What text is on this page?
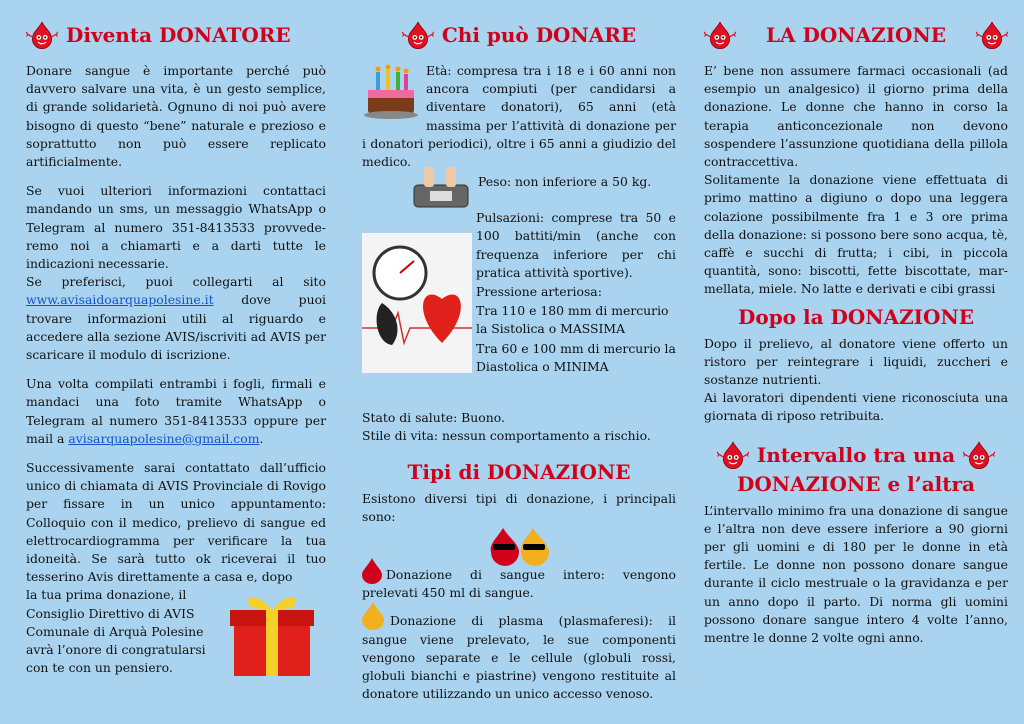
Diventa DONATORE

Donare sangue è importante perché può davvero salvare una vita, è un gesto semplice, di grande solidarietà. Ognuno di noi può avere bisogno di questo “bene” naturale e prezioso e soprattutto non può essere replicato artificialmente.

Se vuoi ulteriori informazioni contattaci mandando un sms, un messaggio WhatsApp o Telegram al numero 351-8413533 provvede-remo noi a chiamarti e a darti tutte le indicazioni necessarie.

Se preferisci, puoi collegarti al sito www.avisaidoarquapolesine.it dove puoi trovare informazioni utili al riguardo e accedere alla sezione AVIS/iscriviti ad AVIS per scaricare il modulo di iscrizione.

Una volta compilati entrambi i fogli, firmali e mandaci una foto tramite WhatsApp o Telegram al numero 351-8413533 oppure per mail a avisarquapolesine@gmail.com.

Successivamente sarai contattato dall’ufficio unico di chiamata di AVIS Provinciale di Rovigo per fissare in un unico appuntamento: Colloquio con il medico, prelievo di sangue ed elettrocardiogramma per verificare la tua idoneità. Se sarà tutto ok riceverai il tuo tesserino Avis direttamente a casa e, dopo

la tua prima donazione, il Consiglio Direttivo di AVIS Comunale di Arquà Polesine avrà l’onore di congratularsi con te con un pensiero.

Chi può DONARE

Età: compresa tra i 18 e i 60 anni non ancora compiuti (per candidarsi a diventare donatori), 65 anni (età massima per l’attività di donazione per i donatori periodici), oltre i 65 anni a giudizio del medico.

Peso: non inferiore a 50 kg.

Pulsazioni: comprese tra 50 e 100 battiti/min (anche con frequenza inferiore per chi pratica attività sportive).

Pressione arteriosa:

Tra 110 e 180 mm di mercurio la Sistolica o MASSIMA

Tra 60 e 100 mm di mercurio la Diastolica o MINIMA

Stato di salute: Buono.

Stile di vita: nessun comportamento a rischio.

Tipi di DONAZIONE

Esistono diversi tipi di donazione, i principali sono:

Donazione di sangue intero: vengono prelevati 450 ml di sangue.

Donazione di plasma (plasmaferesi): il sangue viene prelevato, le sue componenti vengono separate e le cellule (globuli rossi, globuli bianchi e piastrine) vengono restituite al donatore utilizzando un unico accesso venoso.

LA DONAZIONE

E’ bene non assumere farmaci occasionali (ad esempio un analgesico) il giorno prima della donazione. Le donne che hanno in corso la terapia anticoncezionale non devono sospendere l’assunzione quotidiana della pillola contraccettiva.

Solitamente la donazione viene effettuata di primo mattino a digiuno o dopo una leggera colazione possibilmente fra 1 e 3 ore prima della donazione: si possono bere sono acqua, tè, caffè e succhi di frutta; i cibi, in piccola quantità, sono: biscotti, fette biscottate, mar-mellata, miele. No latte e derivati e cibi grassi

Dopo la DONAZIONE

Dopo il prelievo, al donatore viene offerto un ristoro per reintegrare i liquidi, zuccheri e sostanze nutrienti.

Ai lavoratori dipendenti viene riconosciuta una giornata di riposo retribuita.

Intervallo tra una
DONAZIONE e l’altra

L’intervallo minimo fra una donazione di sangue e l’altra non deve essere inferiore a 90 giorni per gli uomini e di 180 per le donne in età fertile. Le donne non possono donare sangue durante il ciclo mestruale o la gravidanza e per un anno dopo il parto. Di norma gli uomini possono donare sangue intero 4 volte l’anno, mentre le donne 2 volte ogni anno.
